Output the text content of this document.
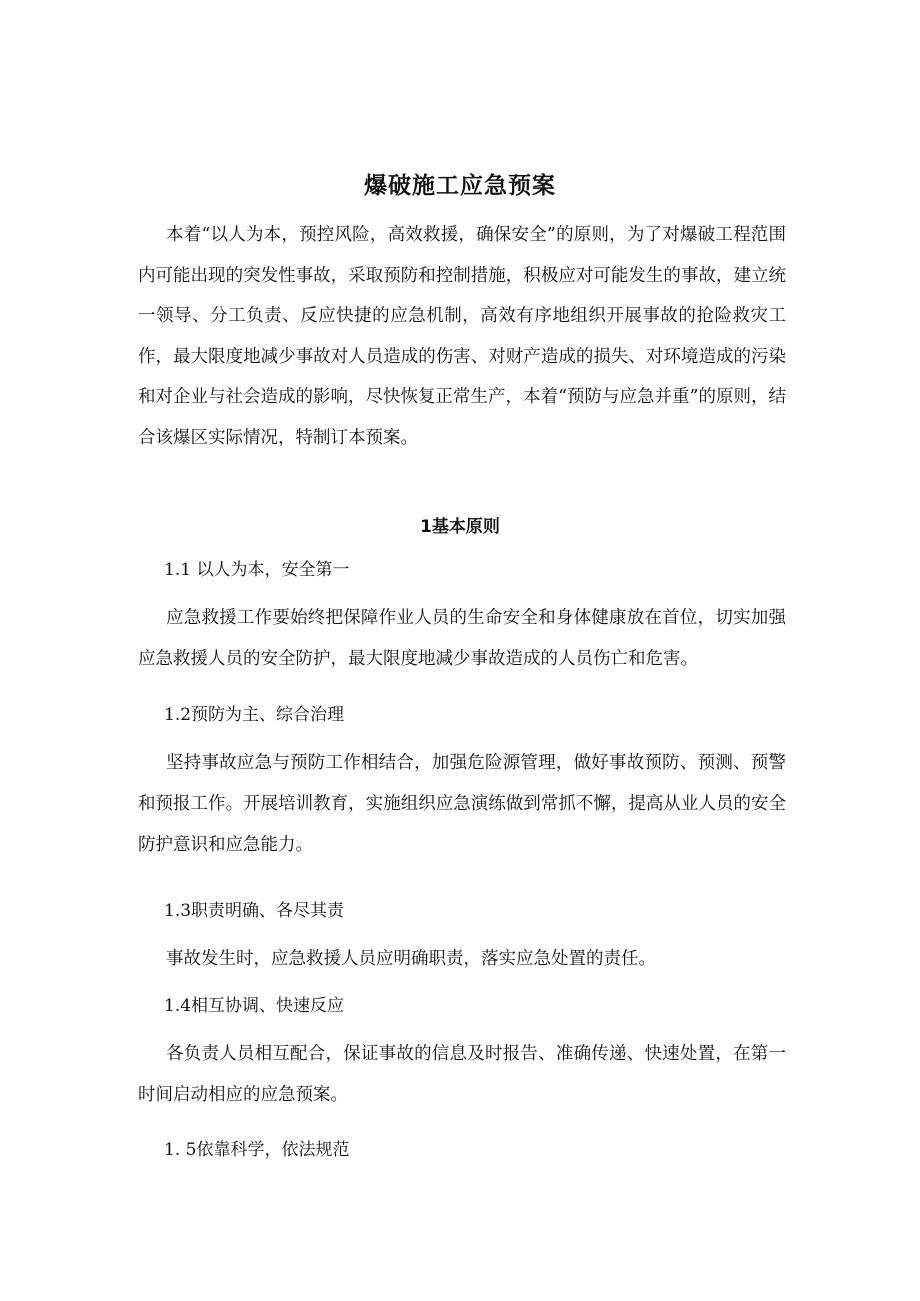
爆破施工应急预案

本着“以人为本，预控风险，高效救援，确保安全”的原则，为了对爆破工程范围内可能出现的突发性事故，采取预防和控制措施，积极应对可能发生的事故，建立统一领导、分工负责、反应快捷的应急机制，高效有序地组织开展事故的抢险救灾工作，最大限度地减少事故对人员造成的伤害、对财产造成的损失、对环境造成的污染和对企业与社会造成的影响，尽快恢复正常生产，本着“预防与应急并重”的原则，结合该爆区实际情况，特制订本预案。

1基本原则

1.1 以人为本，安全第一

应急救援工作要始终把保障作业人员的生命安全和身体健康放在首位，切实加强应急救援人员的安全防护，最大限度地减少事故造成的人员伤亡和危害。

1.2预防为主、综合治理

坚持事故应急与预防工作相结合，加强危险源管理，做好事故预防、预测、预警和预报工作。开展培训教育，实施组织应急演练做到常抓不懈，提高从业人员的安全防护意识和应急能力。

1.3职责明确、各尽其责

事故发生时，应急救援人员应明确职责，落实应急处置的责任。

1.4相互协调、快速反应

各负责人员相互配合，保证事故的信息及时报告、准确传递、快速处置，在第一时间启动相应的应急预案。

1. 5依靠科学，依法规范
